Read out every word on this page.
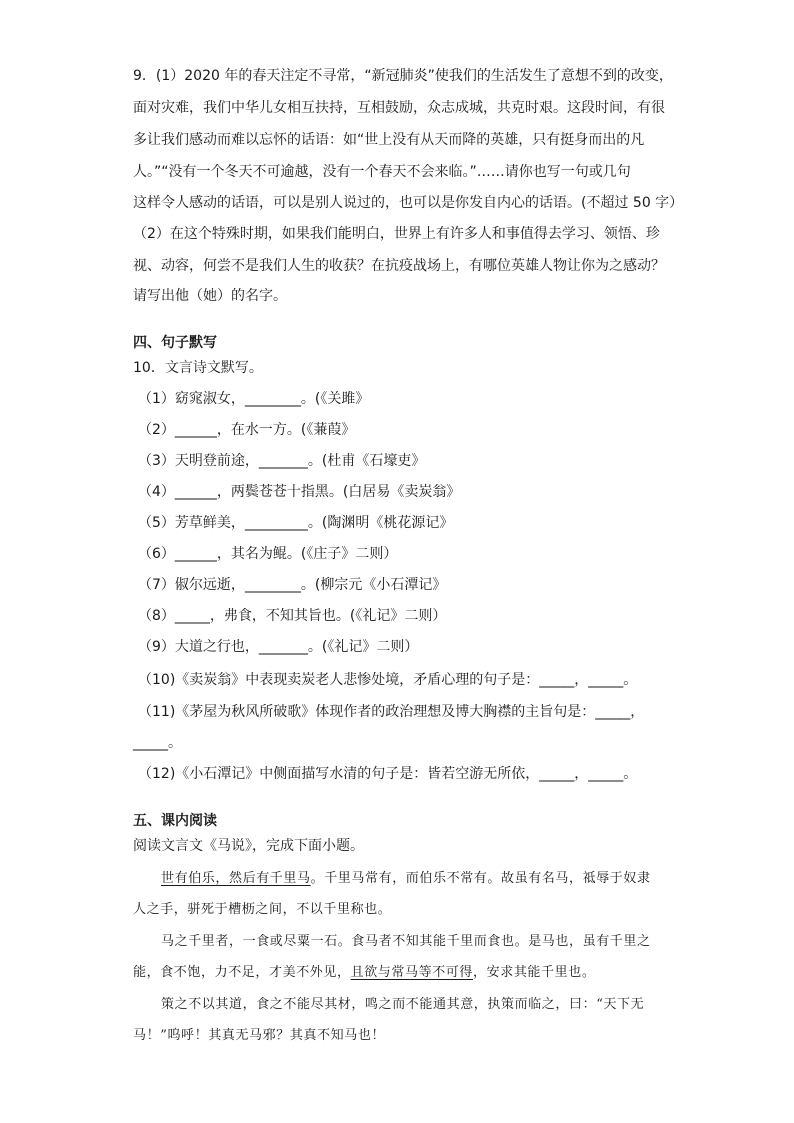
9．(1）2020 年的春天注定不寻常，“新冠肺炎”使我们的生活发生了意想不到的改变，
面对灾难，我们中华儿女相互扶持，互相鼓励，众志成城，共克时艰。这段时间，有很
多让我们感动而难以忘怀的话语：如“世上没有从天而降的英雄，只有挺身而出的凡
人。”“没有一个冬天不可逾越，没有一个春天不会来临。”……请你也写一句或几句
这样令人感动的话语，可以是别人说过的，也可以是你发自内心的话语。(不超过 50 字）
（2）在这个特殊时期，如果我们能明白，世界上有许多人和事值得去学习、领悟、珍
视、动容，何尝不是我们人生的收获？在抗疫战场上，有哪位英雄人物让你为之感动？
请写出他（她）的名字。
四、句子默写
10．文言诗文默写。
（1）窈窕淑女，________。(《关雎》
（2）______，在水一方。(《蒹葭》
（3）天明登前途，_______。(杜甫《石壕吏》
（4）______，两鬓苍苍十指黑。(白居易《卖炭翁》
（5）芳草鲜美，_________。(陶渊明《桃花源记》
（6）______，其名为鲲。(《庄子》二则）
（7）俶尔远逝，________。(柳宗元《小石潭记》
（8）_____，弗食，不知其旨也。(《礼记》二则）
（9）大道之行也，_______。(《礼记》二则）
（10)《卖炭翁》中表现卖炭老人悲惨处境，矛盾心理的句子是：_____，_____。
（11)《茅屋为秋风所破歌》体现作者的政治理想及博大胸襟的主旨句是：_____，
_____。
（12)《小石潭记》中侧面描写水清的句子是：皆若空游无所依，_____，_____。
五、课内阅读
阅读文言文《马说》，完成下面小题。
世有伯乐，然后有千里马。千里马常有，而伯乐不常有。故虽有名马，祗辱于奴隶
人之手，骈死于槽枥之间，不以千里称也。
马之千里者，一食或尽粟一石。食马者不知其能千里而食也。是马也，虽有千里之
能，食不饱，力不足，才美不外见，且欲与常马等不可得，安求其能千里也。
策之不以其道，食之不能尽其材，鸣之而不能通其意，执策而临之，曰：“天下无
马！”呜呼！其真无马邪？其真不知马也！
